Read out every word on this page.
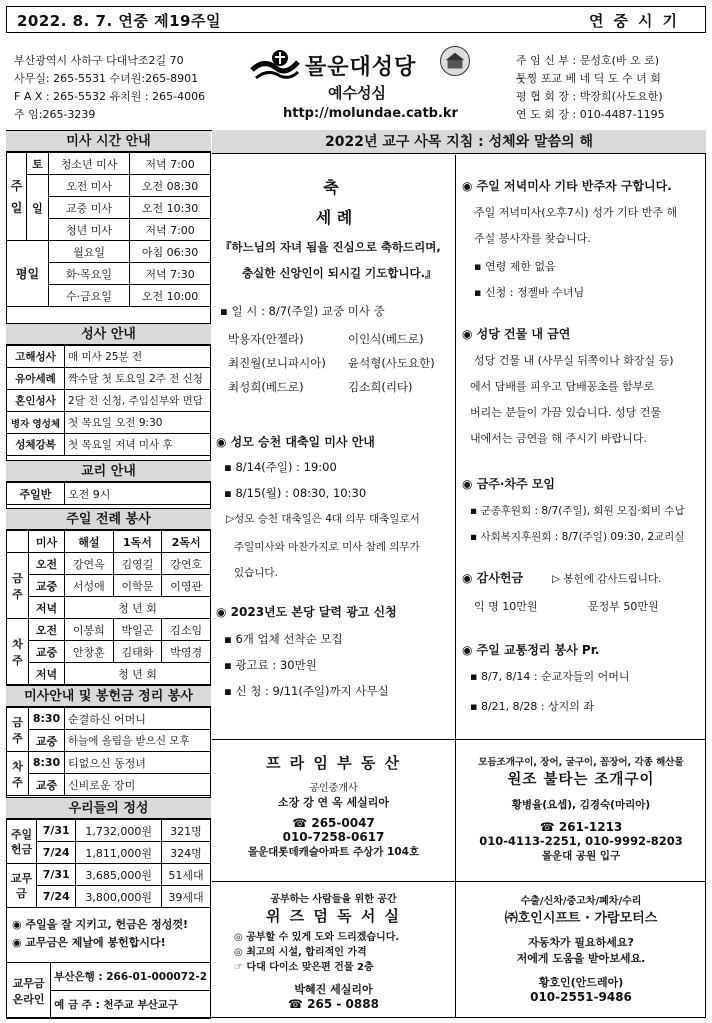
2022. 8. 7. 연중 제19주일	연중시기
부산광역시 사하구 다대낙조2길 70
사무실: 265-5531 수녀원:265-8901
F A X : 265-5532 유치원 : 265-4006
주 임:265-3239
몰운대성당
예수성심
http://molundae.catb.kr
주 임 신 부 : 문성호(바 오 로)
툿찡 포교 베 네 딕 도 수 녀 회
평 협 회 장 : 박장희(사도요한)
연 도 회 장 : 010-4487-1195
미사 시간 안내
주일	토	청소년 미사	저녁 7:00
	일	오전 미사	오전 08:30
		교중 미사	오전 10:30
		청년 미사	저녁 7:00
평일		월요일	아침 06:30
		화·목요일	저녁 7:30
		수·금요일	오전 10:00
성사 안내
고해성사	매 미사 25분 전
유아세례	짝수달 첫 토요일 2주 전 신청
혼인성사	2달 전 신청, 주임신부와 면담
병자 영성체	첫 목요일 오전 9:30
성체강복	첫 목요일 저녁 미사 후
교리 안내
주일반	오전 9시
주일 전례 봉사
	미사	해설	1독서	2독서
금주	오전	강연옥	김영길	강연호
	교중	서성애	이학문	이영관
	저녁	청 년 회		
차주	오전	이봉희	박일곤	김소임
	교중	안창훈	김태화	박영경
	저녁	청 년 회		
미사안내 및 봉헌금 정리 봉사
금주	8:30	순결하신 어머니
	교중	하늘에 올림을 받으신 모후
차주	8:30	티없으신 동정녀
	교중	신비로운 장미
우리들의 정성
주일헌금	7/31	1,732,000원	321명
	7/24	1,811,000원	324명
교무금	7/31	3,685,000원	51세대
	7/24	3,800,000원	39세대
◉ 주일을 잘 지키고, 헌금은 정성껏!
◉ 교무금은 제날에 봉헌합시다!
교무금
온라인
	부산은행 : 266-01-000072-2
예 금 주 : 천주교 부산교구
2022년 교구 사목 지침 : 성체와 말씀의 해
축
세 례
『하느님의 자녀 됨을 진심으로 축하드리며,
충실한 신앙인이 되시길 기도합니다.』
▪ 일 시 : 8/7(주일) 교중 미사 중
박용자(안젤라)	이인식(베드로)
최진월(보니파시아) 윤석형(사도요한)
최성희(베드로)	김소희(리타)
◉ 성모 승천 대축일 미사 안내
▪ 8/14(주일) : 19:00
▪ 8/15(월) : 08:30, 10:30
▷성모 승천 대축일은 4대 의무 대축일로서
주일미사와 마찬가지로 미사 참례 의무가
있습니다.
◉ 2023년도 본당 달력 광고 신청
▪ 6개 업체 선착순 모집
▪ 광고료 : 30만원
▪ 신 청 : 9/11(주일)까지 사무실
◉ 주일 저녁미사 기타 반주자 구합니다.
주일 저녁미사(오후7시) 성가 기타 반주 해
주실 봉사자를 찾습니다.
▪ 연령 제한 없음
▪ 신청 : 정젤바 수녀님
◉ 성당 건물 내 금연
성당 건물 내 (사무실 뒤쪽이나 화장실 등)
에서 담배를 피우고 담배꽁초를 함부로
버리는 분들이 가끔 있습니다. 성당 건물
내에서는 금연을 해 주시기 바랍니다.
◉ 금주·차주 모임
▪ 군종후원회 : 8/7(주일), 회원 모집·회비 수납
▪ 사회복지후원회 : 8/7(주일) 09:30, 2교리실
◉ 감사헌금	▷ 봉헌에 감사드립니다.
익 명 10만원	문정부 50만원
◉ 주일 교통정리 봉사 Pr.
▪ 8/7, 8/14 : 순교자들의 어머니
▪ 8/21, 8/28 : 상지의 좌
프 라 임 부 동 산
공인중개사
소장 강 연 옥 세실리아
☎ 265-0047
010-7258-0617
몰운대롯데캐슬아파트 주상가 104호
모듬조개구이, 장어, 굴구이, 꼼장어, 각종 해산물
원조 불타는 조개구이
황병율(요셉), 김경숙(마리아)
☎ 261-1213
010-4113-2251, 010-9992-8203
몰운대 공원 입구
공부하는 사람들을 위한 공간
위 즈 덤 독 서 실
◎ 공부할 수 있게 도와 드리겠습니다.
◎ 최고의 시설, 합리적인 가격
☞ 다대 다이소 맞은편 건물 2층
박혜진 세실리아
☎ 265 - 0888
수출/신차/중고차/폐차/수리
㈜호인시프트 · 가람모터스
자동차가 필요하세요?
저에게 도움을 받아보세요.
황호인(안드레아)
010-2551-9486
